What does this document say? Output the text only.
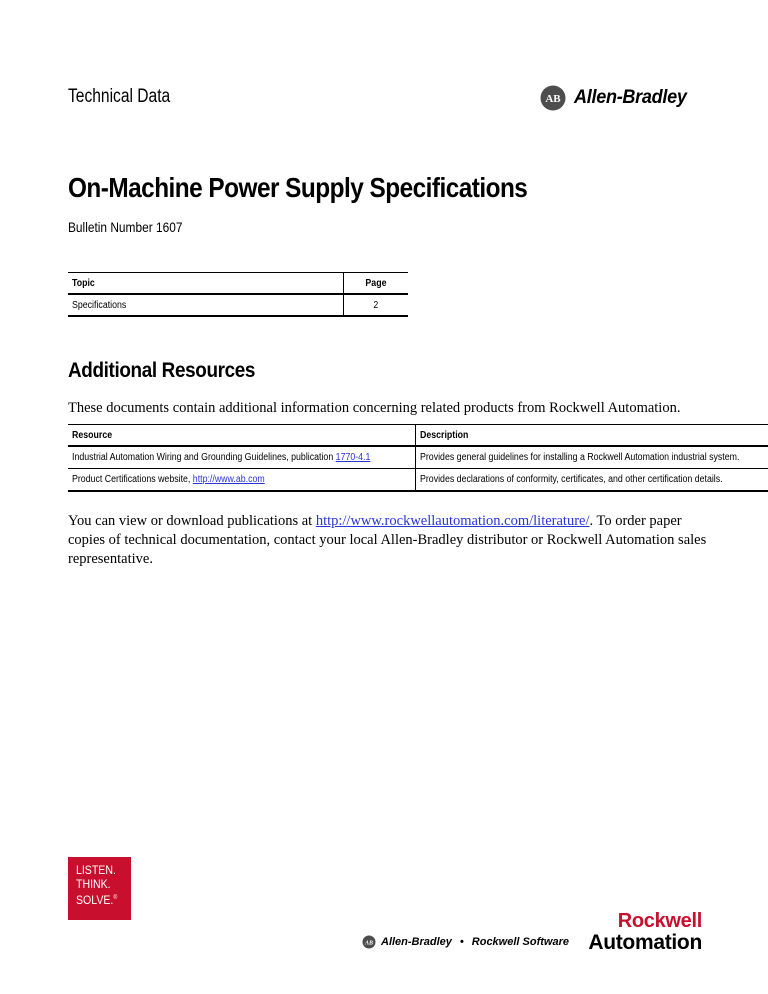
Technical Data	AB Allen-Bradley
On-Machine Power Supply Specifications
Bulletin Number 1607
Topic	Page
Specifications	2
Additional Resources
These documents contain additional information concerning related products from Rockwell Automation.
Resource	Description
Industrial Automation Wiring and Grounding Guidelines, publication 1770-4.1	Provides general guidelines for installing a Rockwell Automation industrial system.
Product Certifications website, http://www.ab.com	Provides declarations of conformity, certificates, and other certification details.

You can view or download publications at http://www.rockwellautomation.com/literature/. To order paper copies of technical documentation, contact your local Allen-Bradley distributor or Rockwell Automation sales representative.

LISTEN.
THINK.
SOLVE.®
AB Allen-Bradley • Rockwell Software
Rockwell
Automation
